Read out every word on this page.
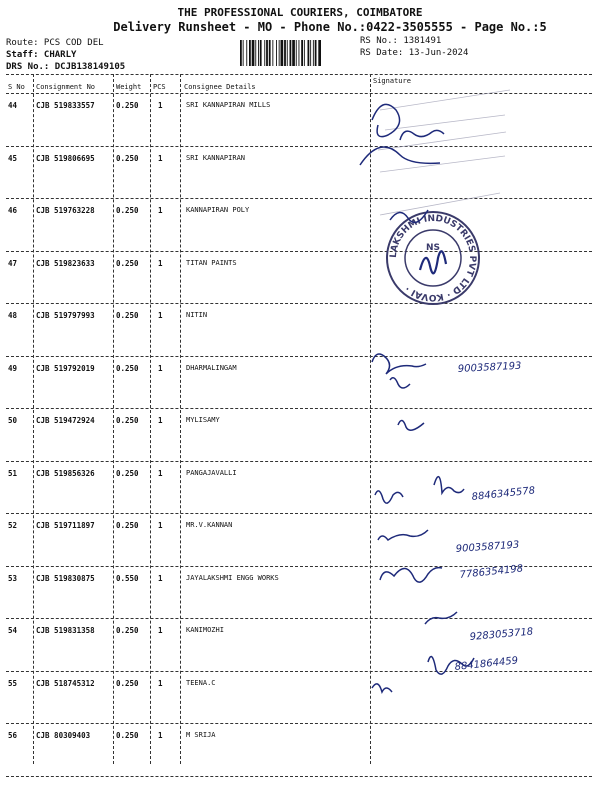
THE PROFESSIONAL COURIERS, COIMBATORE
Delivery Runsheet - MO - Phone No.:0422-3505555 - Page No.:5
Route: PCS COD DEL
Staff: CHARLY
DRS No.: DCJB138149105
RS No.: 1381491
RS Date: 13-Jun-2024
S No Consignment No	Weight PCS	Consignee Details
Signature
44	CJB 519833557	0.250	1	SRI KANNAPIRAN MILLS
45	CJB 519806695	0.250	1	SRI KANNAPIRAN
46	CJB 519763228	0.250	1	KANNAPIRAN POLY
47	CJB 519823633	0.250	1	TITAN PAINTS
48	CJB 519797993	0.250	1	NITIN
49	CJB 519792019	0.250	1	DHARMALINGAM
50	CJB 519472924	0.250	1	MYLISAMY
51	CJB 519856326	0.250	1	PANGAJAVALLI
52	CJB 519711897	0.250	1	MR.V.KANNAN
53	CJB 519830875	0.550	1	JAYALAKSHMI ENGG WORKS
54	CJB 519831358	0.250	1	KANIMOZHI
55	CJB 518745312	0.250	1	TEENA.C
56	CJB 80309403	0.250	1	M SRIJA
LAKSHMI INDUSTRIES PVT LTD · KOVAI ·
NS
9003587193
8846345578
9003587193
7786354198
9283053718
8841864459
